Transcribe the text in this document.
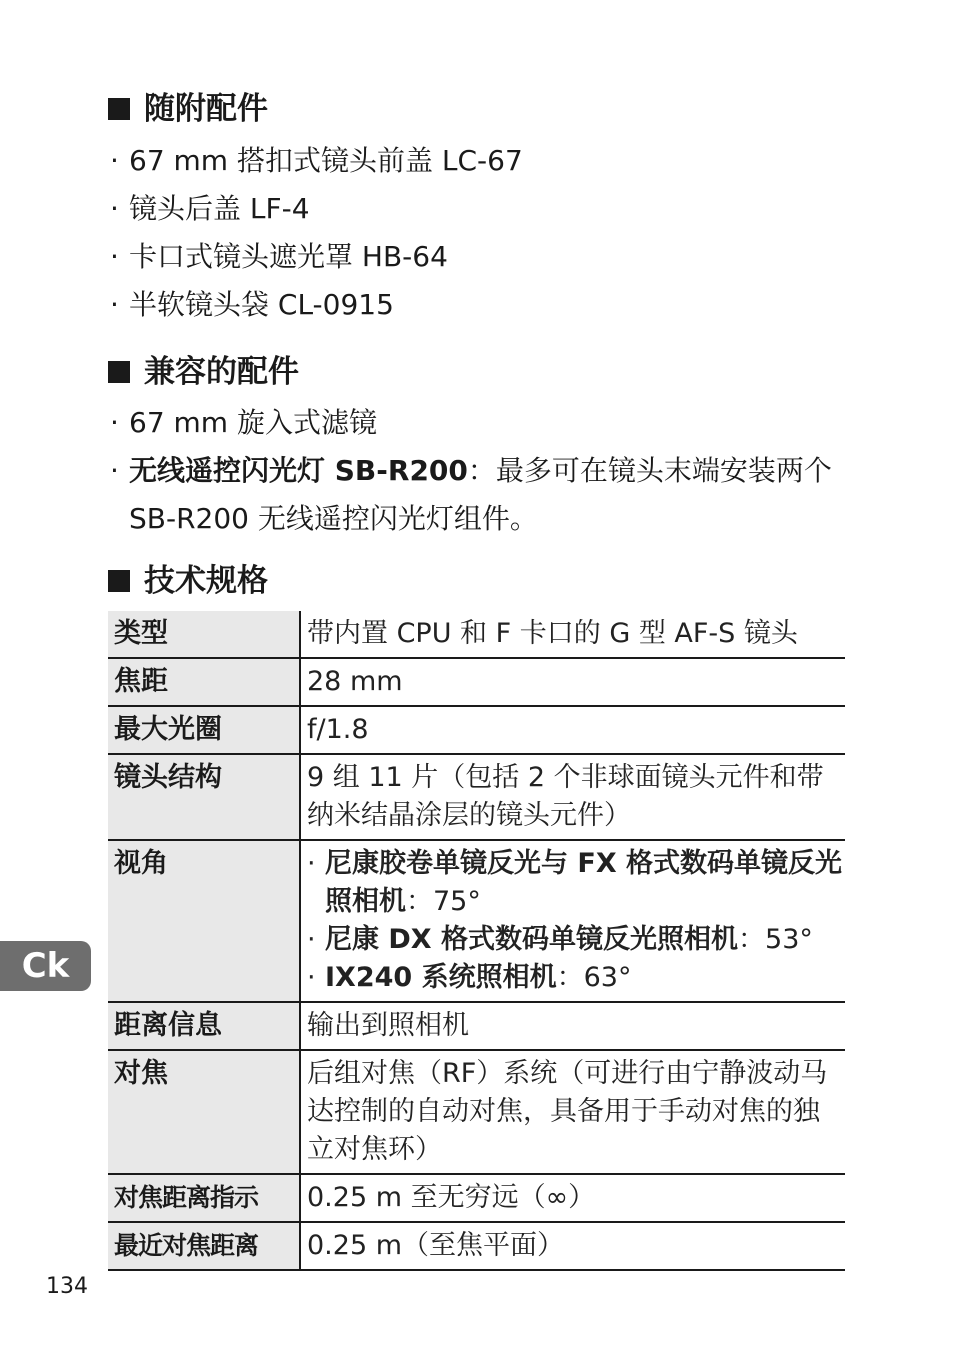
随附配件
· 67 mm 搭扣式镜头前盖 LC-67
· 镜头后盖 LF-4
· 卡口式镜头遮光罩 HB-64
· 半软镜头袋 CL-0915
兼容的配件
· 67 mm 旋入式滤镜
· 无线遥控闪光灯 SB-R200：最多可在镜头末端安装两个 SB-R200 无线遥控闪光灯组件。
技术规格
类型	带内置 CPU 和 F 卡口的 G 型 AF-S 镜头
焦距	28 mm
最大光圈	f/1.8
镜头结构	9 组 11 片（包括 2 个非球面镜头元件和带纳米结晶涂层的镜头元件）
视角	· 尼康胶卷单镜反光与 FX 格式数码单镜反光照相机：75°
· 尼康 DX 格式数码单镜反光照相机：53°
· IX240 系统照相机：63°

距离信息	输出到照相机
对焦	后组对焦（RF）系统（可进行由宁静波动马达控制的自动对焦，具备用于手动对焦的独立对焦环）
对焦距离指示	0.25 m 至无穷远（∞）
最近对焦距离	0.25 m（至焦平面）
Ck
134
